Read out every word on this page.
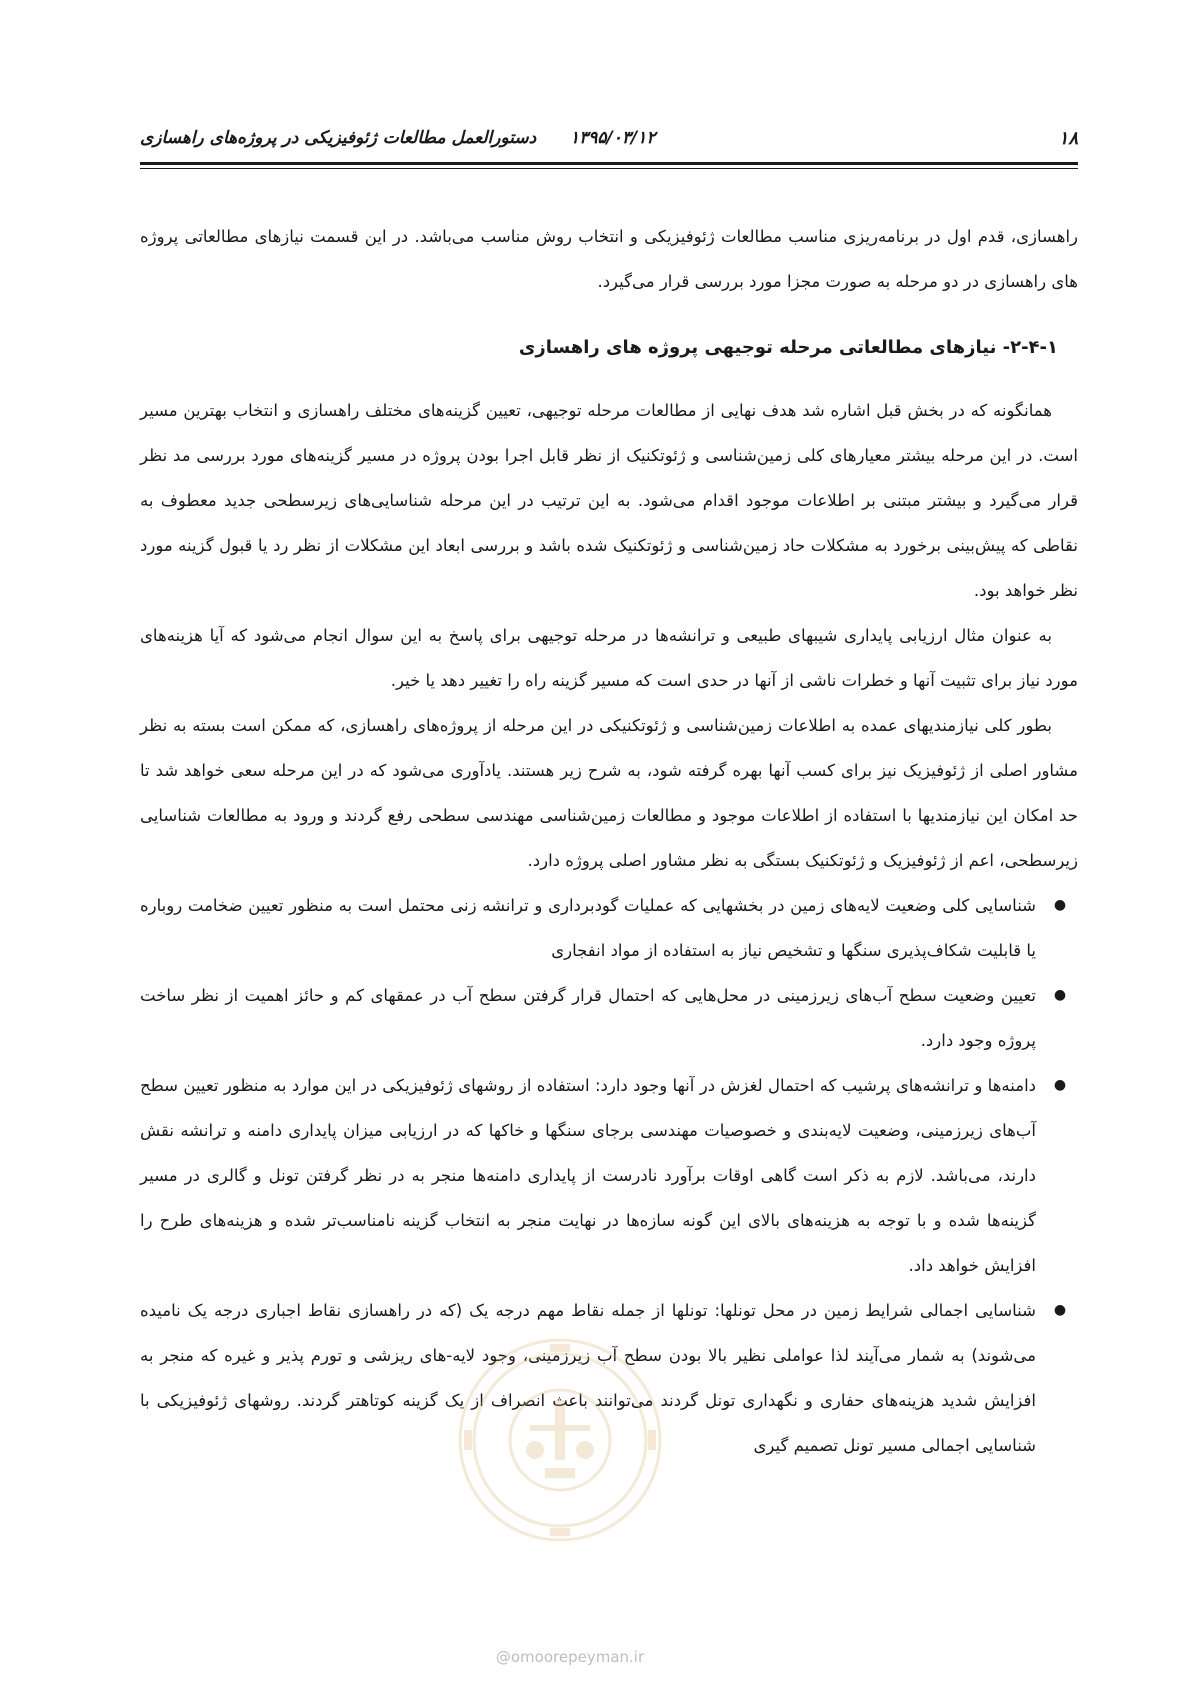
دستورالعمل مطالعات ژئوفیزیکی در پروژه‌های راهسازی ۱۳۹۵/۰۳/۱۲	۱۸

راهسازی، قدم اول در برنامه‌ریزی مناسب مطالعات ژئوفیزیکی و انتخاب روش مناسب می‌باشد. در این قسمت نیازهای مطالعاتی پروژه های راهسازی در دو مرحله به صورت مجزا مورد بررسی قرار می‌گیرد.

۲-۴-۱- نیازهای مطالعاتی مرحله توجیهی پروژه های راهسازی

همانگونه که در بخش قبل اشاره شد هدف نهایی از مطالعات مرحله توجیهی، تعیین گزینه‌های مختلف راهسازی و انتخاب بهترین مسیر است. در این مرحله بیشتر معیارهای کلی زمین‌شناسی و ژئوتکنیک از نظر قابل اجرا بودن پروژه در مسیر گزینه‌های مورد بررسی مد نظر قرار می‌گیرد و بیشتر مبتنی بر اطلاعات موجود اقدام می‌شود. به این ترتیب در این مرحله شناسایی‌های زیرسطحی جدید معطوف به نقاطی که پیش‌بینی برخورد به مشکلات حاد زمین‌شناسی و ژئوتکنیک شده باشد و بررسی ابعاد این مشکلات از نظر رد یا قبول گزینه مورد نظر خواهد بود.

به عنوان مثال ارزیابی پایداری شیبهای طبیعی و ترانشه‌ها در مرحله توجیهی برای پاسخ به این سوال انجام می‌شود که آیا هزینه‌های مورد نیاز برای تثبیت آنها و خطرات ناشی از آنها در حدی است که مسیر گزینه راه را تغییر دهد یا خیر.

بطور کلی نیازمندیهای عمده به اطلاعات زمین‌شناسی و ژئوتکنیکی در این مرحله از پروژه‌های راهسازی، که ممکن است بسته به نظر مشاور اصلی از ژئوفیزیک نیز برای کسب آنها بهره گرفته شود، به شرح زیر هستند. یادآوری می‌شود که در این مرحله سعی خواهد شد تا حد امکان این نیازمندیها با استفاده از اطلاعات موجود و مطالعات زمین‌شناسی مهندسی سطحی رفع گردند و ورود به مطالعات شناسایی زیرسطحی، اعم از ژئوفیزیک و ژئوتکنیک بستگی به نظر مشاور اصلی پروژه دارد.

●
شناسایی کلی وضعیت لایه‌های زمین در بخشهایی که عملیات گودبرداری و ترانشه زنی محتمل است به منظور تعیین ضخامت روباره یا قابلیت شکاف‌پذیری سنگها و تشخیص نیاز به استفاده از مواد انفجاری
●
تعیین وضعیت سطح آب‌های زیرزمینی در محل‌هایی که احتمال قرار گرفتن سطح آب در عمقهای کم و حائز اهمیت از نظر ساخت پروژه وجود دارد.
●
دامنه‌ها و ترانشه‌های پرشیب که احتمال لغزش در آنها وجود دارد: استفاده از روشهای ژئوفیزیکی در این موارد به منظور تعیین سطح آب‌های زیرزمینی، وضعیت لایه‌بندی و خصوصیات مهندسی برجای سنگها و خاکها که در ارزیابی میزان پایداری دامنه و ترانشه نقش دارند، می‌باشد. لازم به ذکر است گاهی اوقات برآورد نادرست از پایداری دامنه‌ها منجر به در نظر گرفتن تونل و گالری در مسیر گزینه‌ها شده و با توجه به هزینه‌های بالای این گونه سازه‌ها در نهایت منجر به انتخاب گزینه نامناسب‌تر شده و هزینه‌های طرح را افزایش خواهد داد.
●
شناسایی اجمالی شرایط زمین در محل تونلها: تونلها از جمله نقاط مهم درجه یک (که در راهسازی نقاط اجباری درجه یک نامیده می‌شوند) به شمار می‌آیند لذا عواملی نظیر بالا بودن سطح آب زیرزمینی، وجود لایه-های ریزشی و تورم پذیر و غیره که منجر به افزایش شدید هزینه‌های حفاری و نگهداری تونل گردند می‌توانند باعث انصراف از یک گزینه کوتاهتر گردند. روشهای ژئوفیزیکی با شناسایی اجمالی مسیر تونل تصمیم گیری
@omoorepeyman.ir
